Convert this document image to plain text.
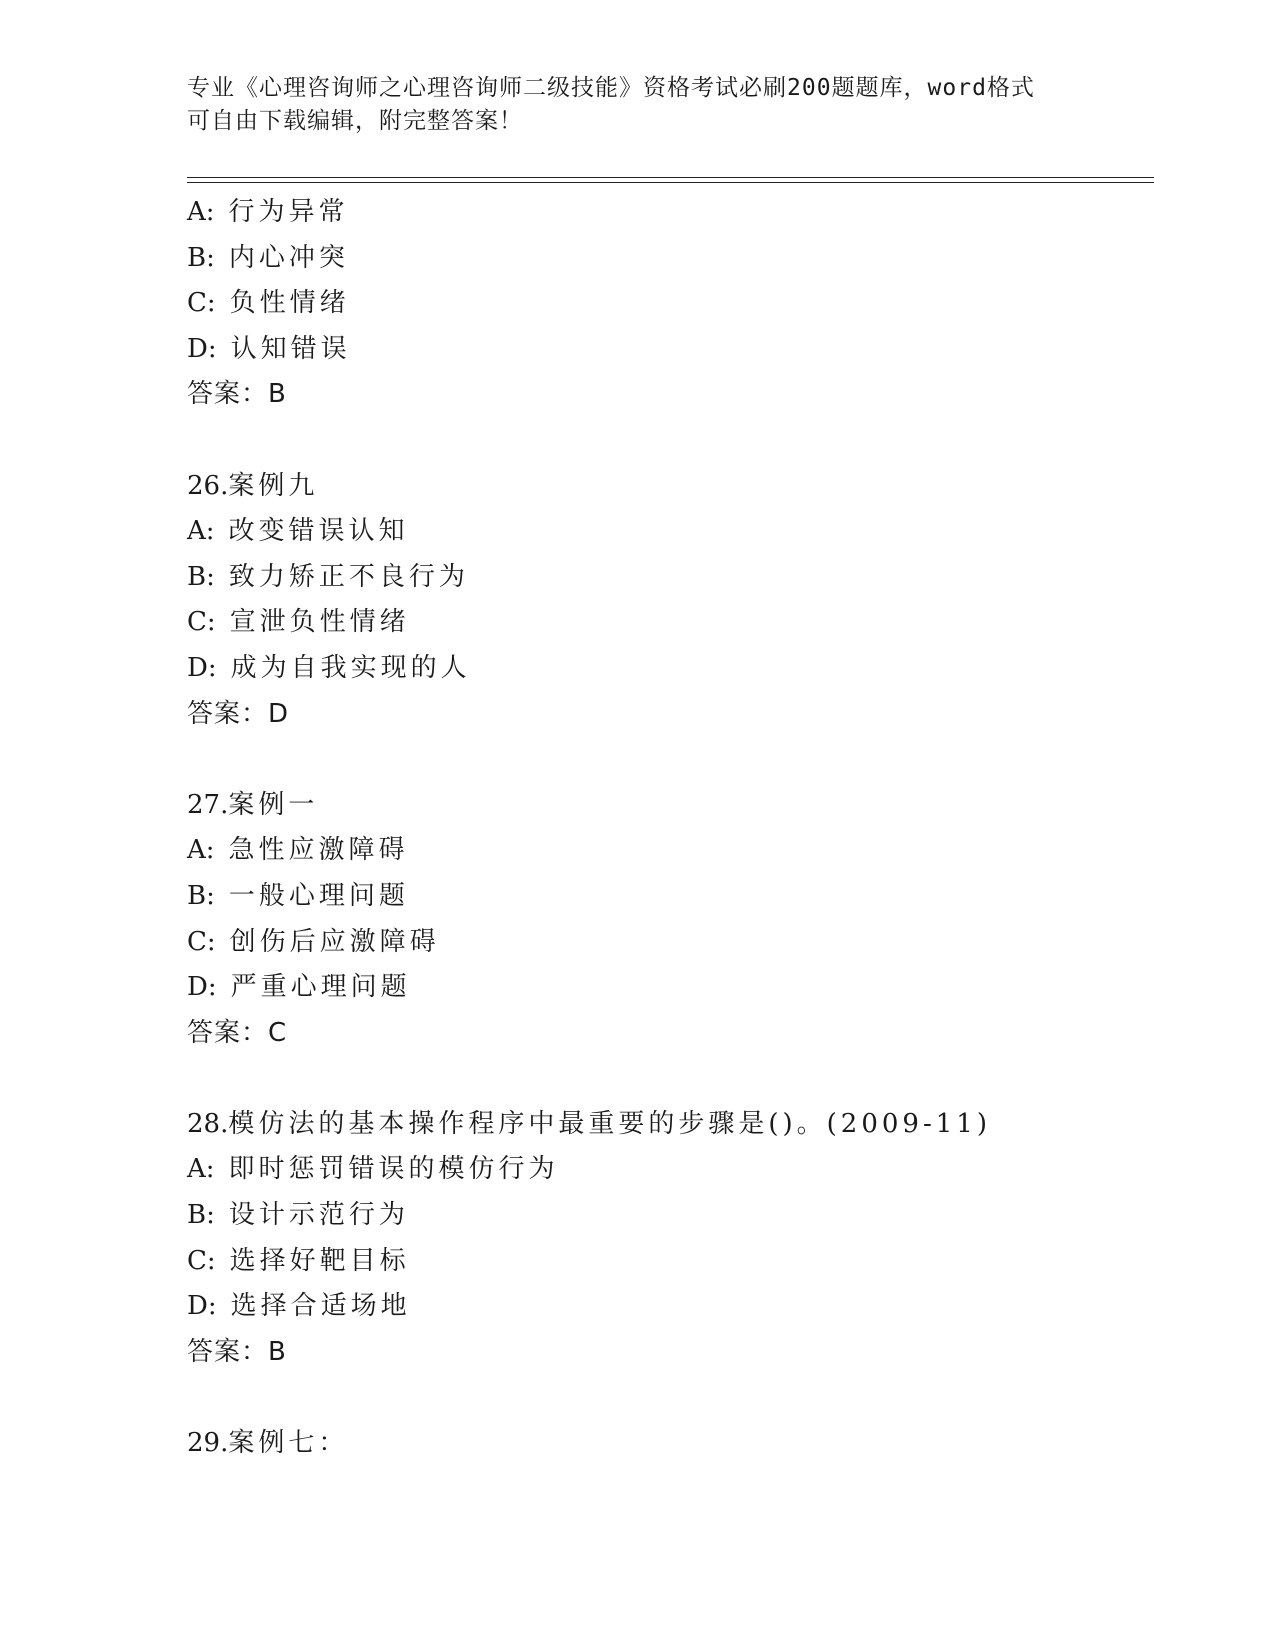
专业《心理咨询师之心理咨询师二级技能》资格考试必刷200题题库，word格式
可自由下载编辑，附完整答案！
A: 行为异常
B: 内心冲突
C: 负性情绪
D: 认知错误
答案：B
26.案例九
A: 改变错误认知
B: 致力矫正不良行为
C: 宣泄负性情绪
D: 成为自我实现的人
答案：D
27.案例一
A: 急性应激障碍
B: 一般心理问题
C: 创伤后应激障碍
D: 严重心理问题
答案：C
28.模仿法的基本操作程序中最重要的步骤是()。(2009-11)
A: 即时惩罚错误的模仿行为
B: 设计示范行为
C: 选择好靶目标
D: 选择合适场地
答案：B
29.案例七：
